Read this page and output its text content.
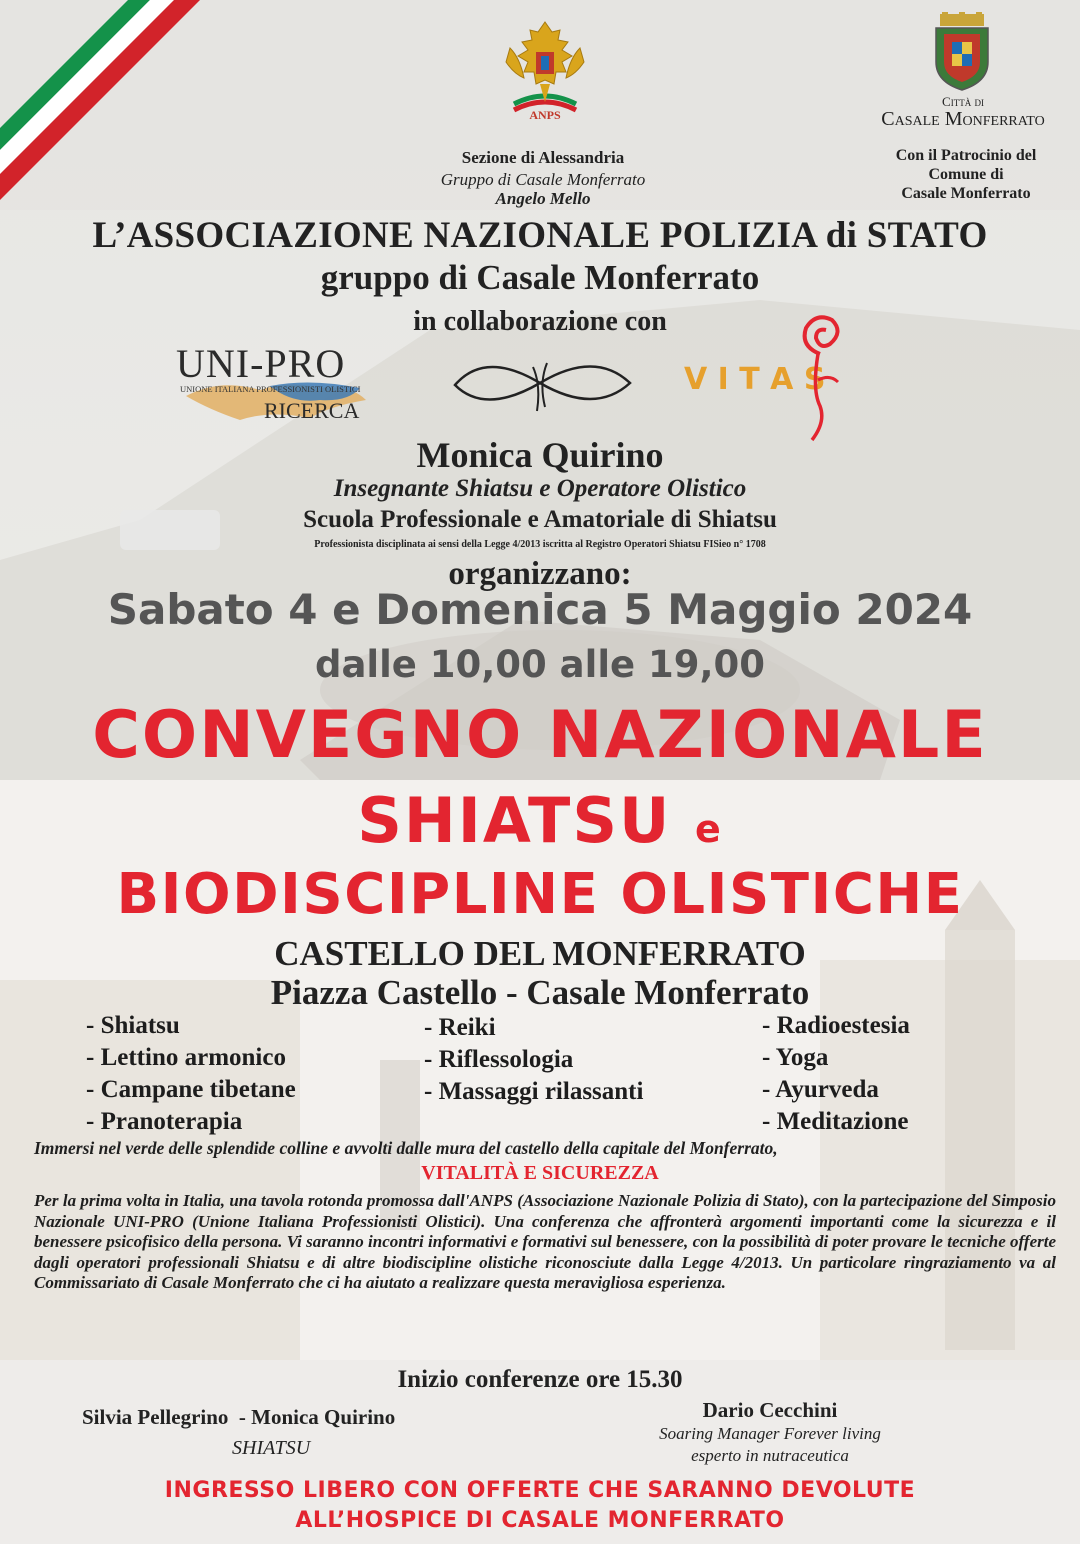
ANPS
Sezione di Alessandria
Gruppo di Casale Monferrato
Angelo Mello
Città di
Casale Monferrato
Con il Patrocinio del
Comune di
Casale Monferrato
L’ASSOCIAZIONE NAZIONALE POLIZIA di STATO
gruppo di Casale Monferrato
in collaborazione con
UNI-PRO
UNIONE ITALIANA PROFESSIONISTI OLISTICI
RICERCA
V I T A S
Monica Quirino
Insegnante Shiatsu e Operatore Olistico
Scuola Professionale e Amatoriale di Shiatsu
Professionista disciplinata ai sensi della Legge 4/2013 iscritta al Registro Operatori Shiatsu FISieo n° 1708
organizzano:
Sabato 4 e Domenica 5 Maggio 2024
dalle 10,00 alle 19,00
CONVEGNO NAZIONALE
SHIATSU e
BIODISCIPLINE OLISTICHE
CASTELLO DEL MONFERRATO
Piazza Castello - Casale Monferrato
- Shiatsu
- Lettino armonico
- Campane tibetane
- Pranoterapia
- Reiki
- Riflessologia
- Massaggi rilassanti
- Radioestesia
- Yoga
- Ayurveda
- Meditazione
Immersi nel verde delle splendide colline e avvolti dalle mura del castello della capitale del Monferrato,
VITALITÀ E SICUREZZA
Per la prima volta in Italia, una tavola rotonda promossa dall'ANPS (Associazione Nazionale Polizia di Stato), con la partecipazione del Simposio Nazionale UNI-PRO (Unione Italiana Professionisti Olistici). Una conferenza che affronterà argomenti importanti come la sicurezza e il benessere psicofisico della persona. Vi saranno incontri informativi e formativi sul benessere, con la possibilità di poter provare le tecniche offerte dagli operatori professionali Shiatsu e di altre biodiscipline olistiche riconosciute dalla Legge 4/2013. Un particolare ringraziamento va al Commissariato di Casale Monferrato che ci ha aiutato a realizzare questa meravigliosa esperienza.
Inizio conferenze ore 15.30
Silvia Pellegrino  - Monica Quirino
SHIATSU
Dario Cecchini
Soaring Manager Forever living
esperto in nutraceutica
INGRESSO LIBERO CON OFFERTE CHE SARANNO DEVOLUTE
ALL’HOSPICE DI CASALE MONFERRATO
